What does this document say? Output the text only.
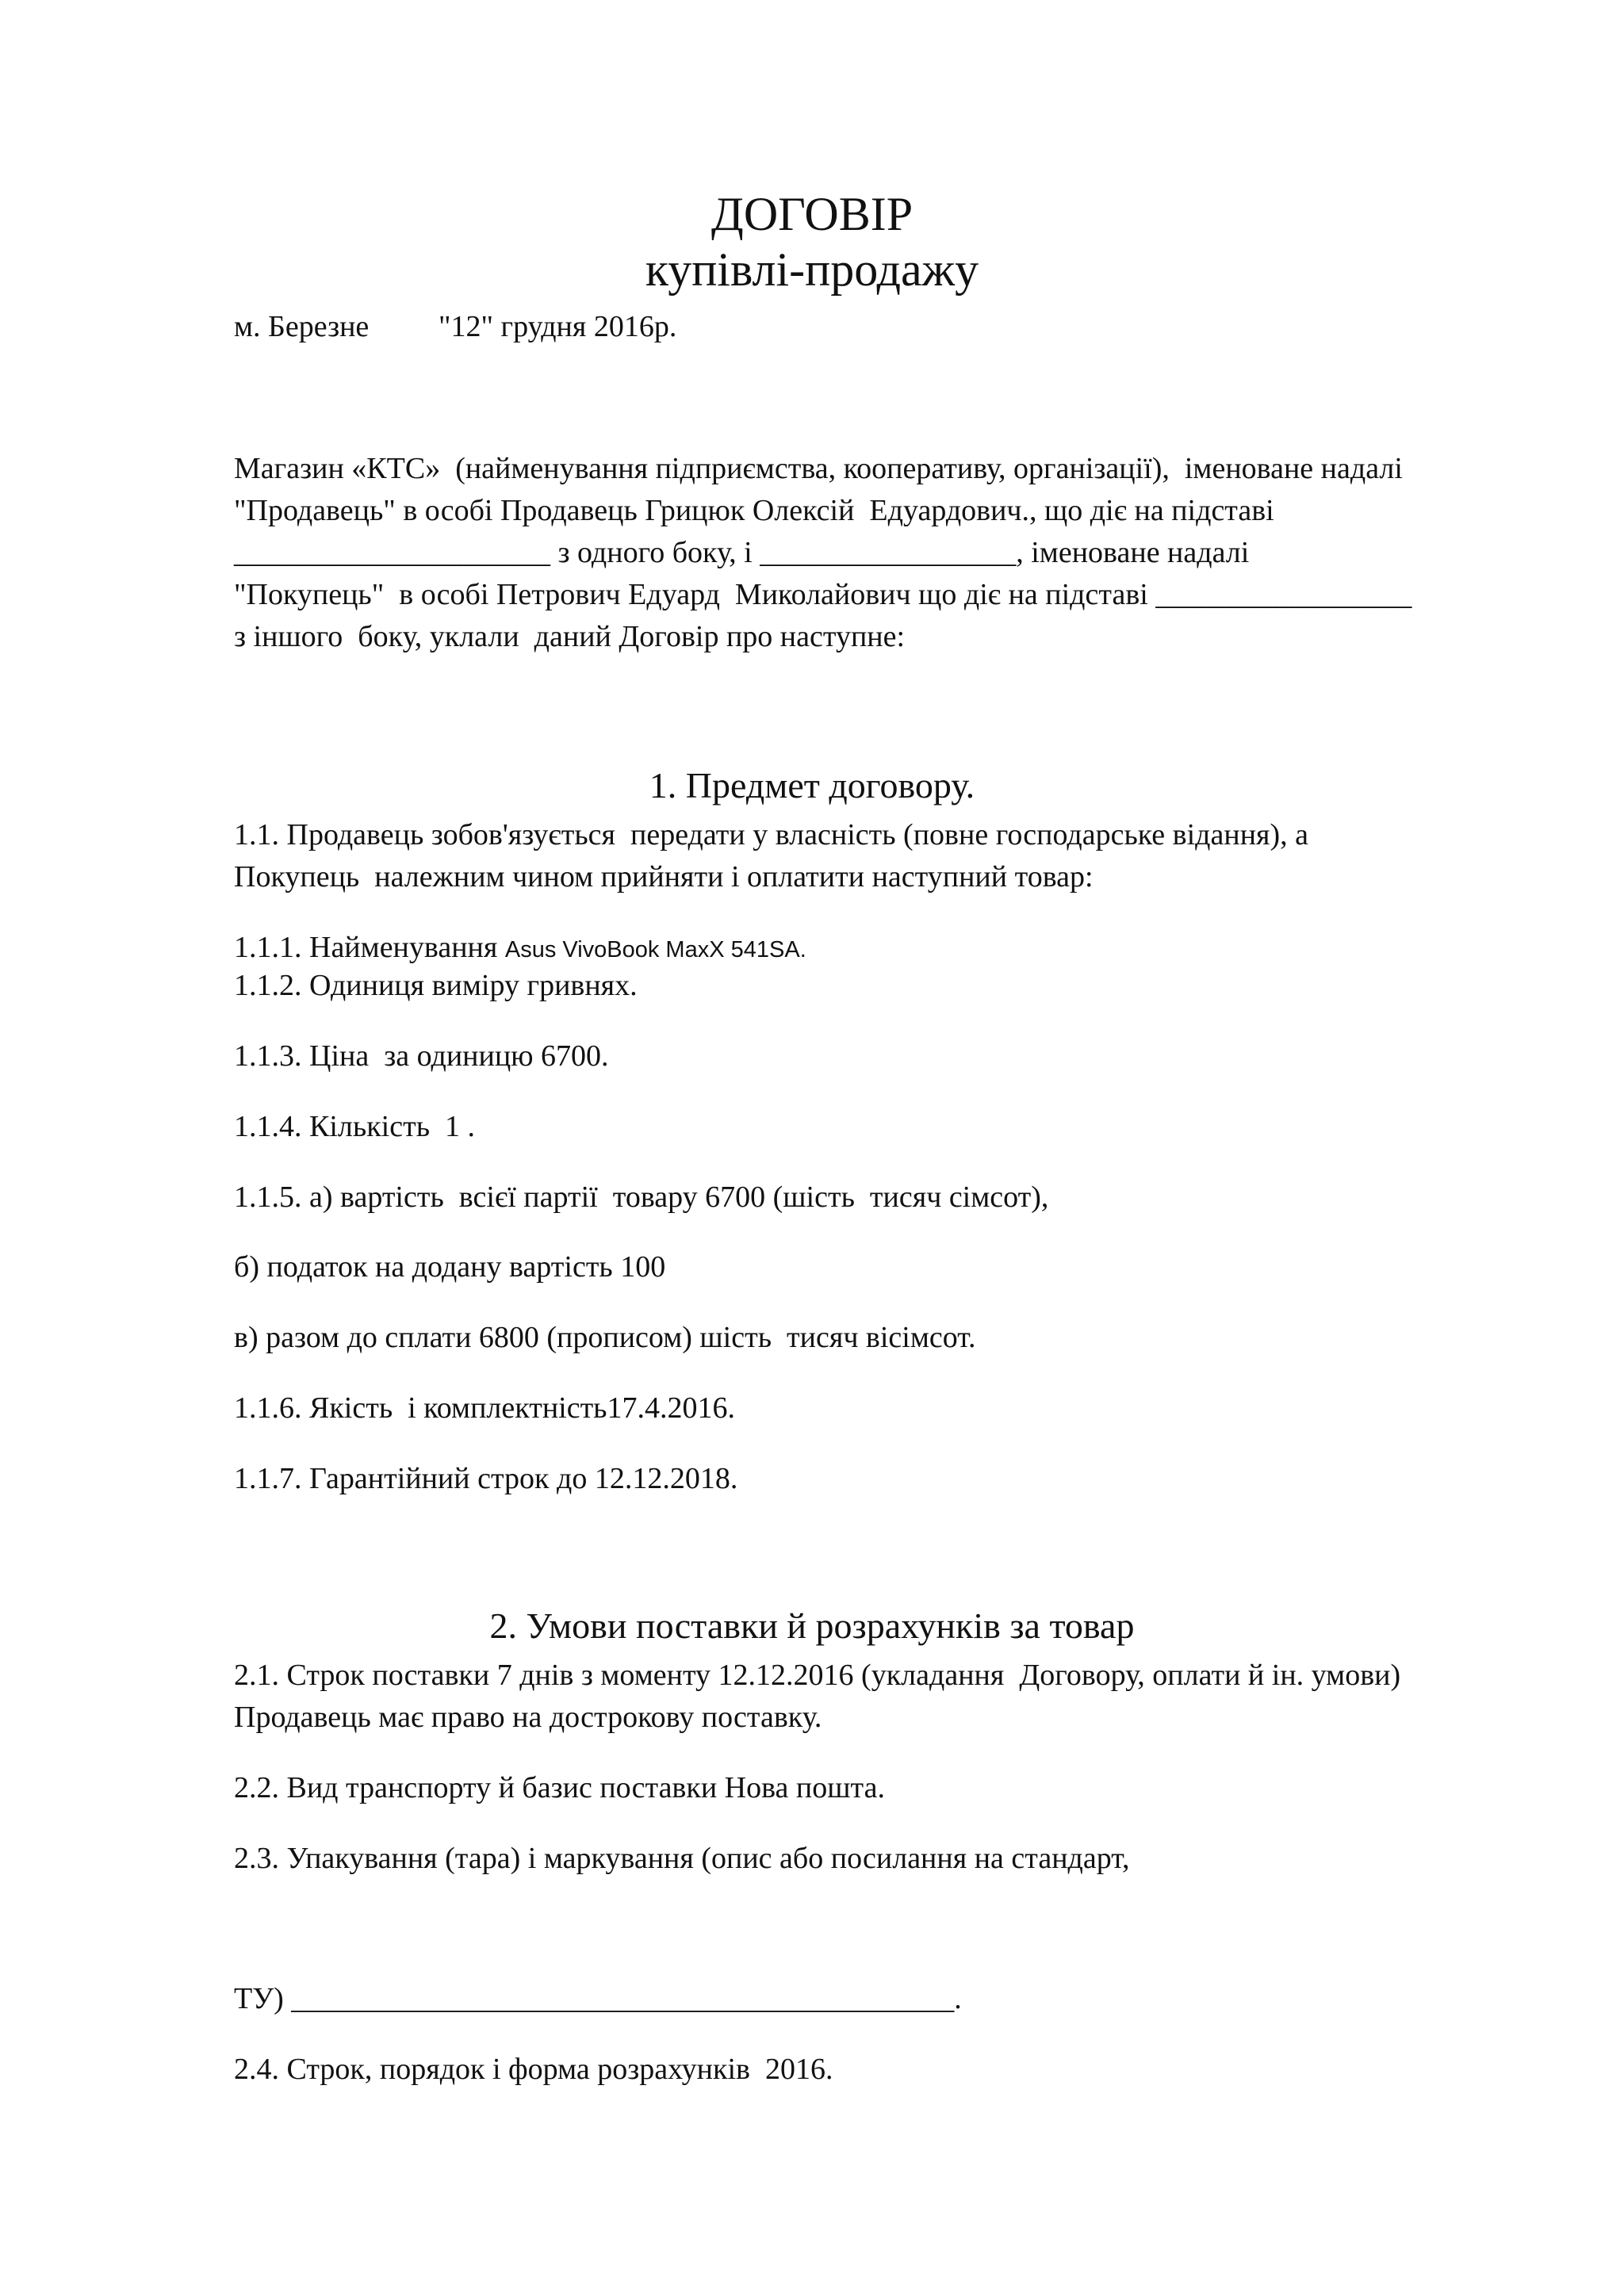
ДОГОВІР
купівлі-продажу
м. Березне "12" грудня 2016р.
Магазин «КТС»  (найменування підприємства, кооперативу, організації),  іменоване надалі
"Продавець" в особі Продавець Грицюк Олексій  Едуардович., що діє на підставі
_____________________ з одного боку, і _________________, іменоване надалі
"Покупець"  в особі Петрович Едуард  Миколайович що діє на підставі _________________
з іншого  боку, уклали  даний Договір про наступне:
1. Предмет договору.
1.1. Продавець зобов'язується  передати у власність (повне господарське відання), а
Покупець  належним чином прийняти і оплатити наступний товар:
1.1.1. Найменування Asus VivoBook MaxX 541SA.
1.1.2. Одиниця виміру гривнях.
1.1.3. Ціна  за одиницю 6700.
1.1.4. Кількість  1 .
1.1.5. а) вартість  всієї партії  товару 6700 (шість  тисяч сімсот),
б) податок на додану вартість 100
в) разом до сплати 6800 (прописом) шість  тисяч вісімсот.
1.1.6. Якість  і комплектність17.4.2016.
1.1.7. Гарантійний строк до 12.12.2018.
2. Умови поставки й розрахунків за товар
2.1. Строк поставки 7 днів з моменту 12.12.2016 (укладання  Договору, оплати й ін. умови)
Продавець має право на дострокову поставку.
2.2. Вид транспорту й базис поставки Нова пошта.
2.3. Упакування (тара) і маркування (опис або посилання на стандарт,
ТУ) ____________________________________________.
2.4. Строк, порядок і форма розрахунків  2016.
